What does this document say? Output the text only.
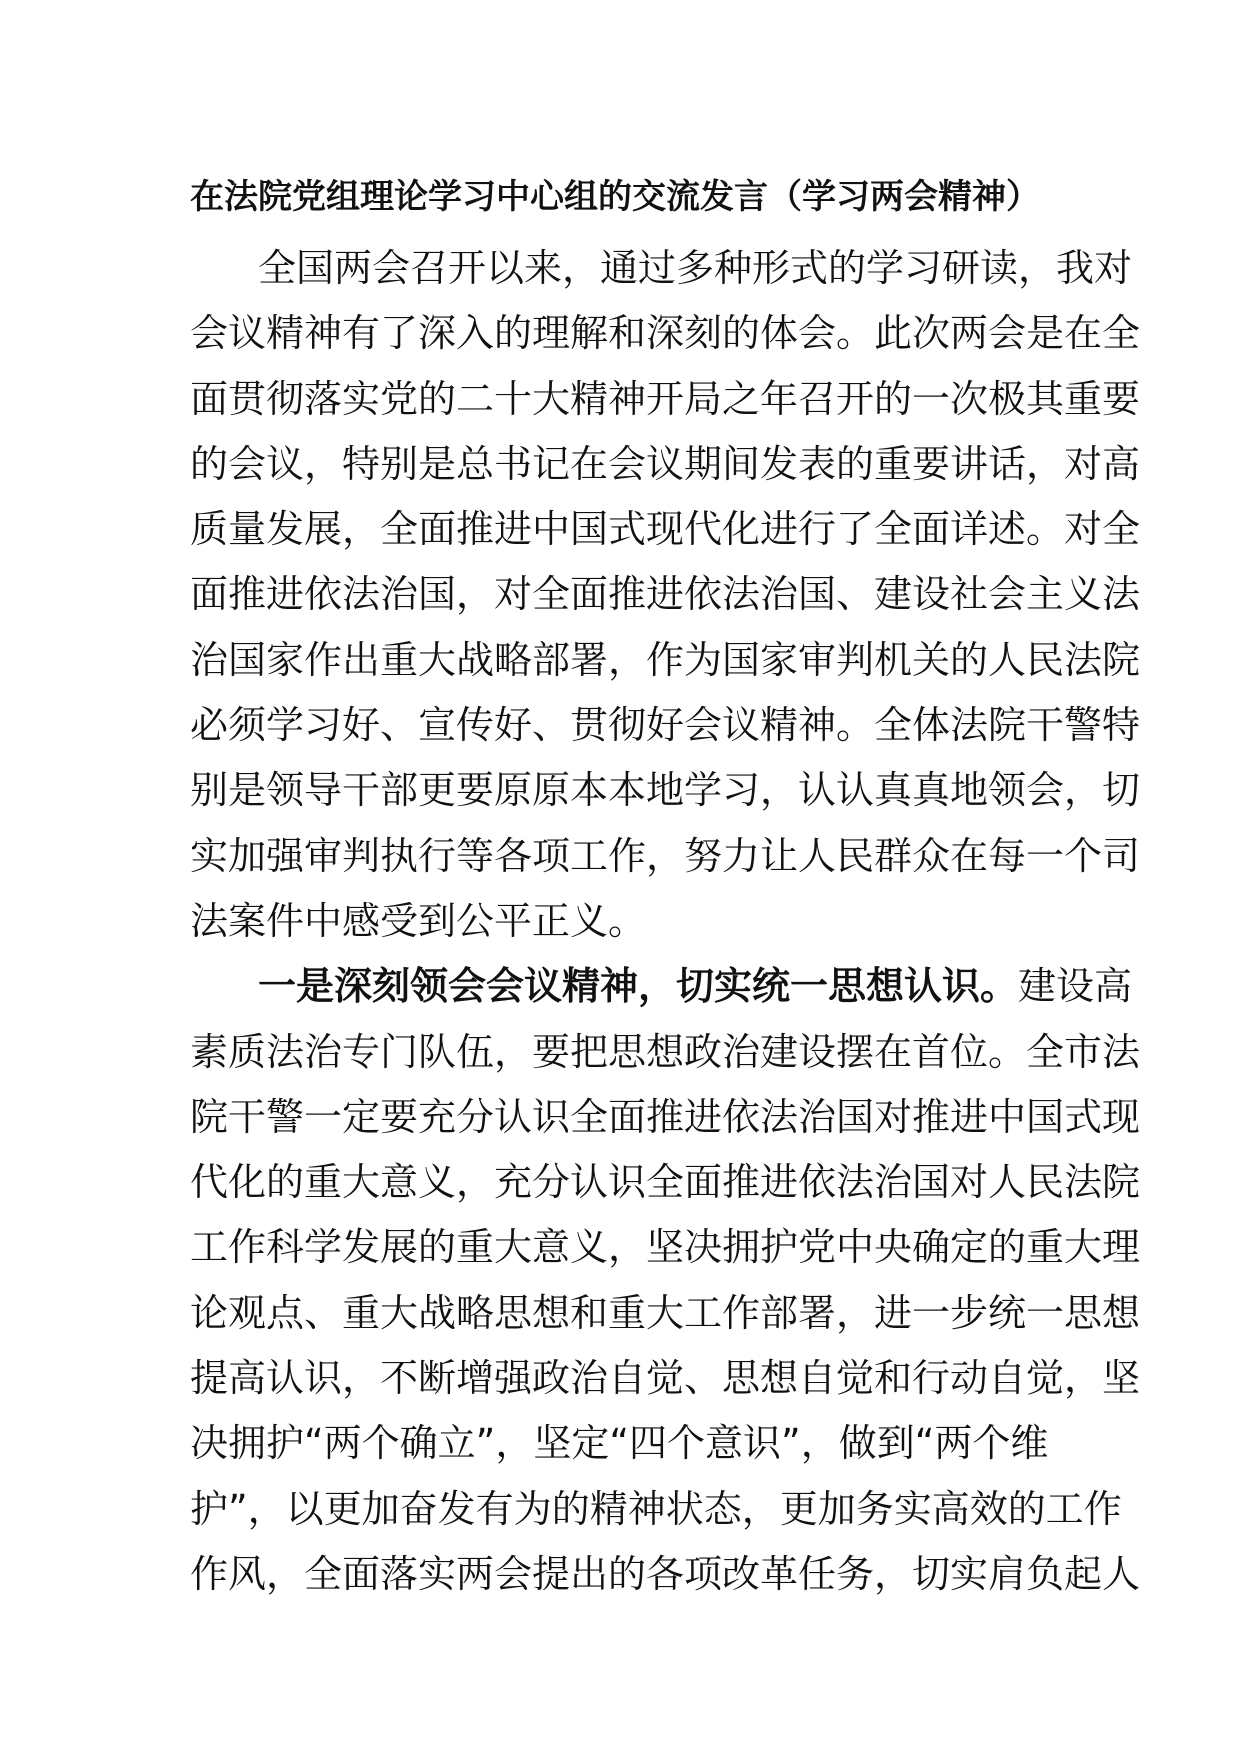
在法院党组理论学习中心组的交流发言（学习两会精神）
全国两会召开以来，通过多种形式的学习研读，我对
会议精神有了深入的理解和深刻的体会。此次两会是在全
面贯彻落实党的二十大精神开局之年召开的一次极其重要
的会议，特别是总书记在会议期间发表的重要讲话，对高
质量发展，全面推进中国式现代化进行了全面详述。对全
面推进依法治国，对全面推进依法治国、建设社会主义法
治国家作出重大战略部署，作为国家审判机关的人民法院
必须学习好、宣传好、贯彻好会议精神。全体法院干警特
别是领导干部更要原原本本地学习，认认真真地领会，切
实加强审判执行等各项工作，努力让人民群众在每一个司
法案件中感受到公平正义。
一是深刻领会会议精神，切实统一思想认识。建设高
素质法治专门队伍，要把思想政治建设摆在首位。全市法
院干警一定要充分认识全面推进依法治国对推进中国式现
代化的重大意义，充分认识全面推进依法治国对人民法院
工作科学发展的重大意义，坚决拥护党中央确定的重大理
论观点、重大战略思想和重大工作部署，进一步统一思想
提高认识，不断增强政治自觉、思想自觉和行动自觉，坚
决拥护“两个确立”，坚定“四个意识”，做到“两个维
护”，以更加奋发有为的精神状态，更加务实高效的工作
作风，全面落实两会提出的各项改革任务，切实肩负起人
